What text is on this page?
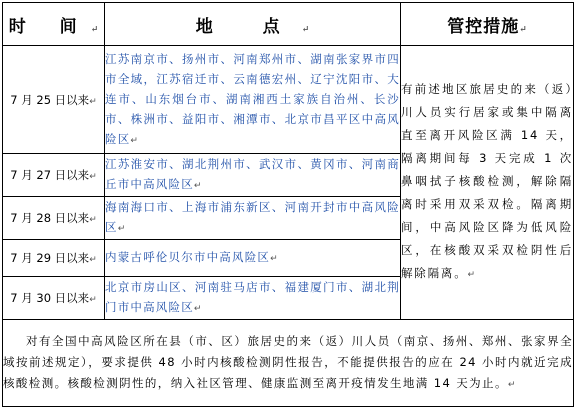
时 间↵	地 点↵	管控措施↵
7 月 25 日以来↵	江苏南京市、扬州市、河南郑州市、湖南张家界市四市全域，江苏宿迁市、云南德宏州、辽宁沈阳市、大连市、山东烟台市、湖南湘西土家族自治州、长沙市、株洲市、益阳市、湘潭市、北京市昌平区中高风险区↵	有前述地区旅居史的来（返）川人员实行居家或集中隔离直至离开风险区满 14 天，隔离期间每 3 天完成 1 次鼻咽拭子核酸检测，解除隔离时采用双采双检。隔离期间，中高风险区降为低风险区，在核酸双采双检阴性后解除隔离。↵
7 月 27 日以来↵	江苏淮安市、湖北荆州市、武汉市、黄冈市、河南商丘市中高风险区↵	
7 月 28 日以来↵	海南海口市、上海市浦东新区、河南开封市中高风险区↵	
7 月 29 日以来↵	内蒙古呼伦贝尔市中高风险区↵	
7 月 30 日以来↵	北京市房山区、河南驻马店市、福建厦门市、湖北荆门市中高风险区↵	
对有全国中高风险区所在县（市、区）旅居史的来（返）川人员（南京、扬州、郑州、张家界全域按前述规定），要求提供 48 小时内核酸检测阴性报告，不能提供报告的应在 24 小时内就近完成核酸检测。核酸检测阴性的，纳入社区管理、健康监测至离开疫情发生地满 14 天为止。↵		
